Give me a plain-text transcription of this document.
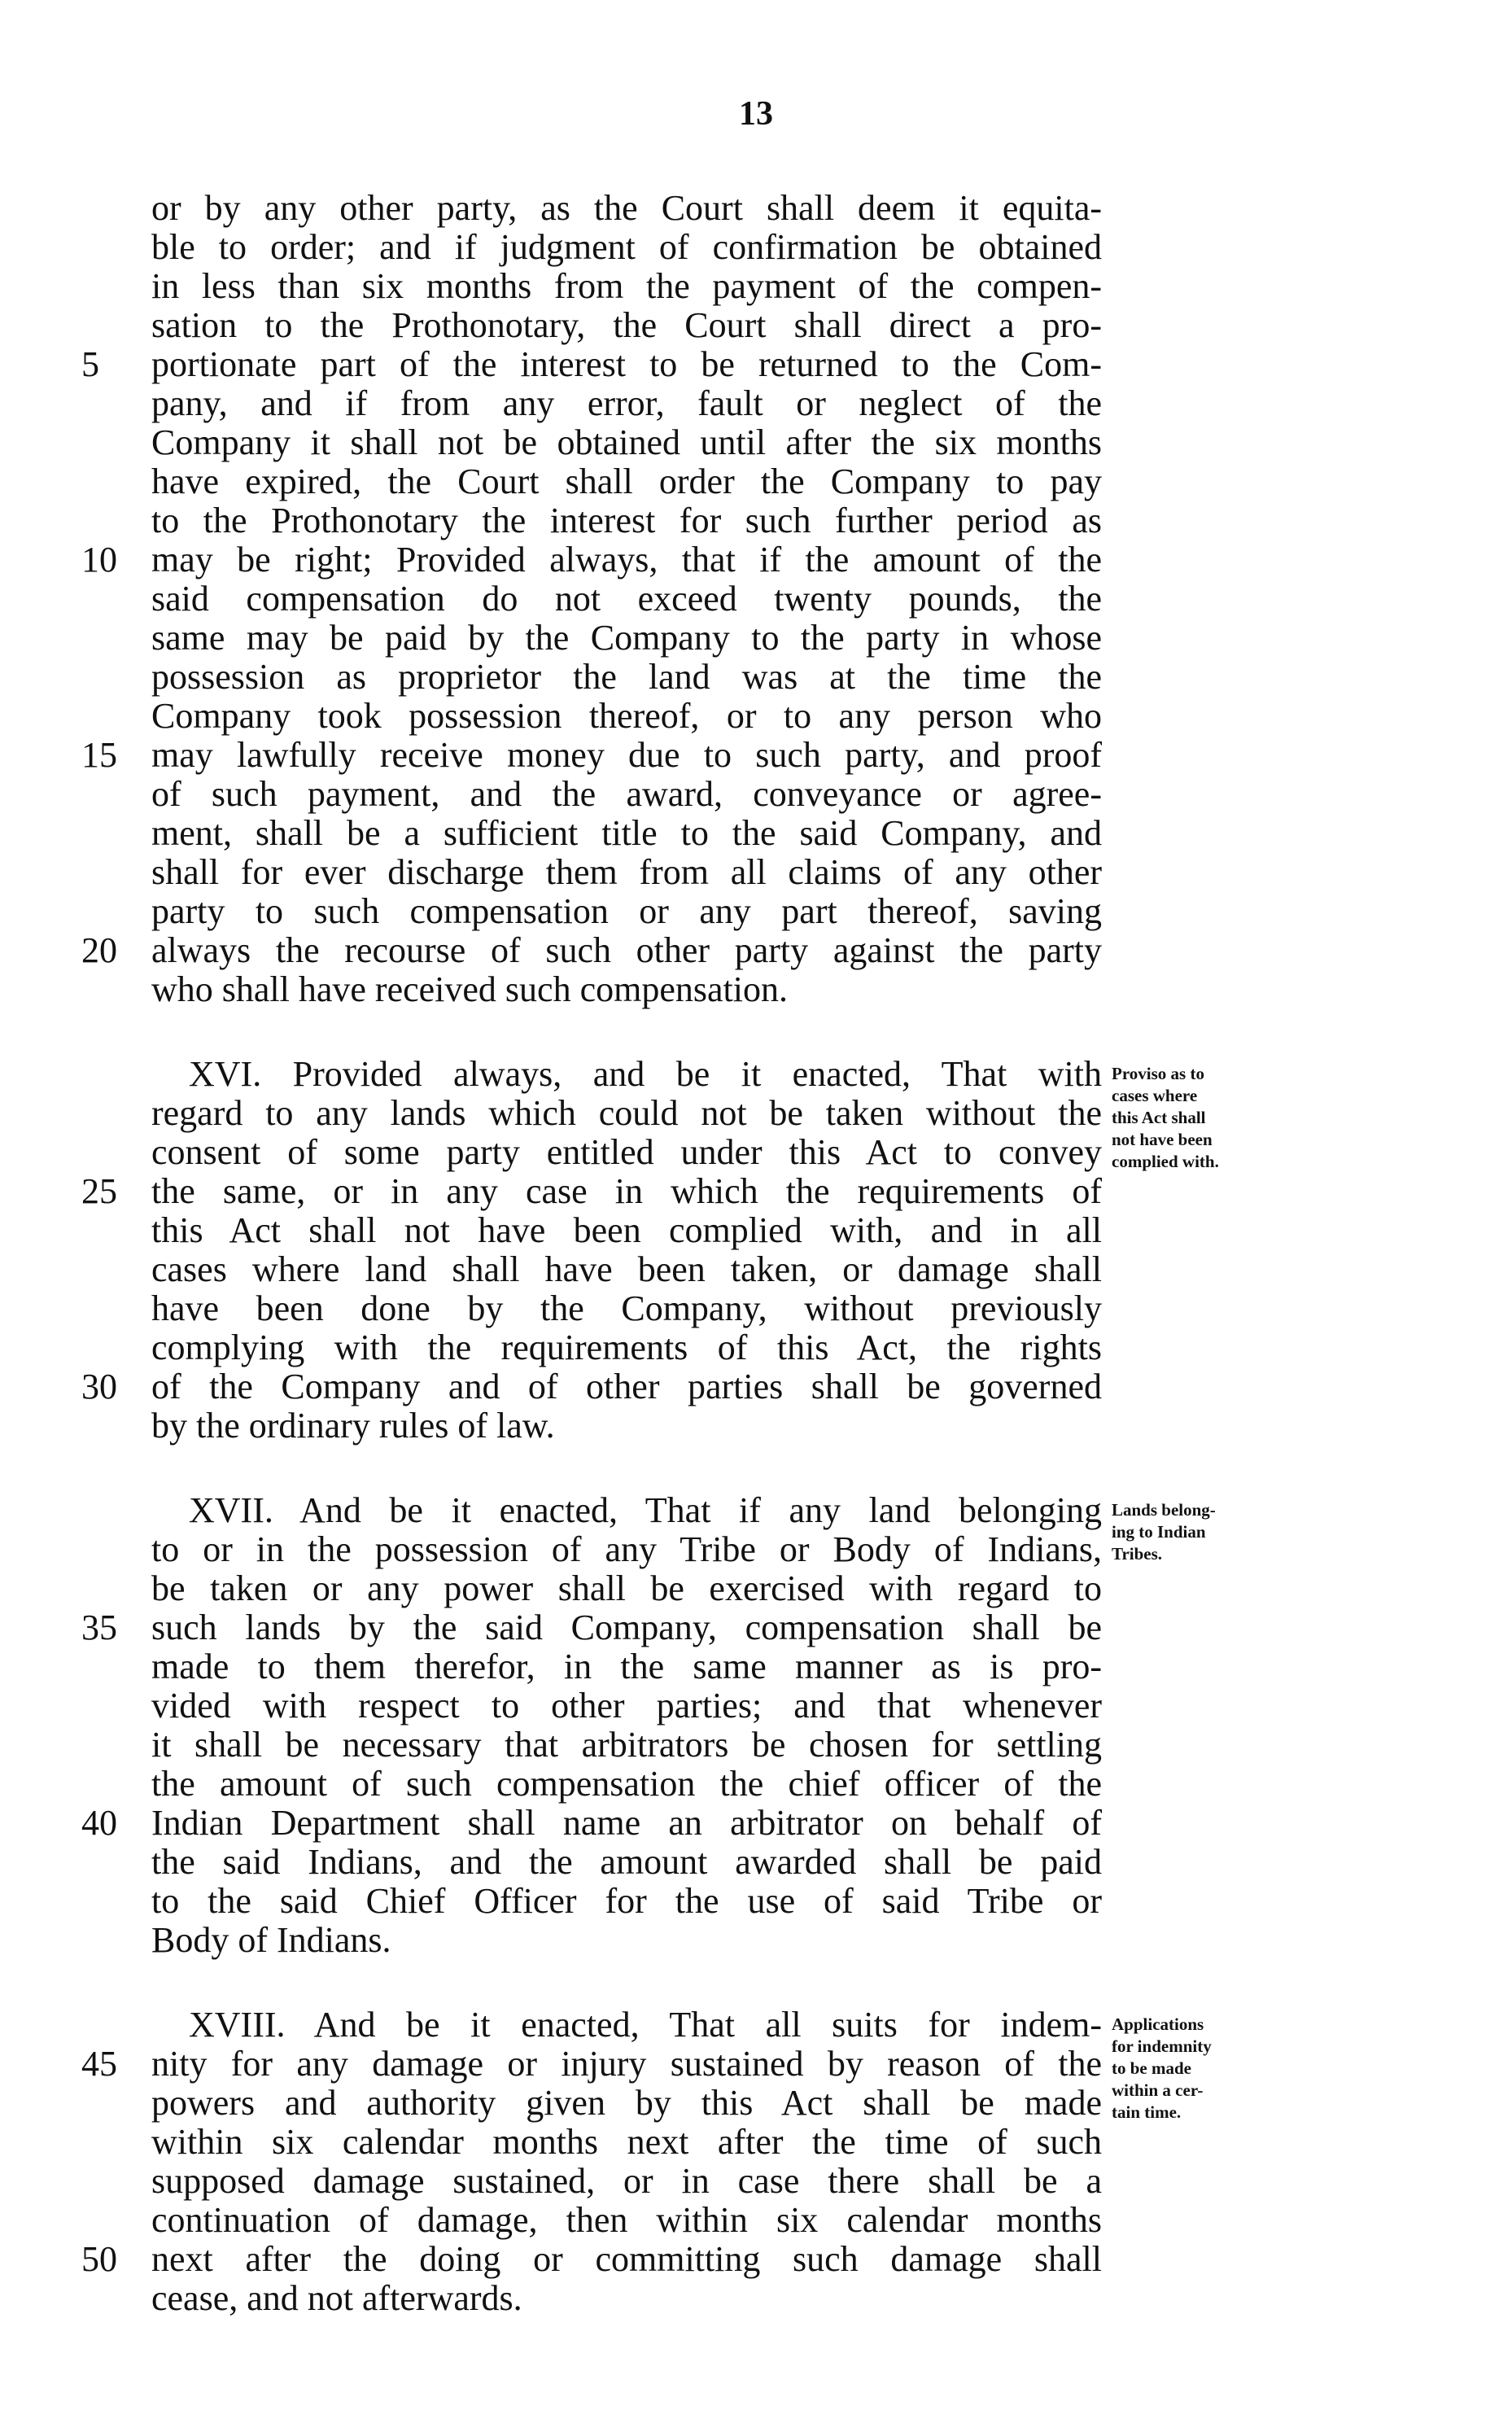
13
or by any other party, as the Court shall deem it equita-
ble to order; and if judgment of confirmation be obtained
in less than six months from the payment of the compen-
sation to the Prothonotary, the Court shall direct a pro-
portionate part of the interest to be returned to the Com-
pany, and if from any error, fault or neglect of the
Company it shall not be obtained until after the six months
have expired, the Court shall order the Company to pay
to the Prothonotary the interest for such further period as
may be right; Provided always, that if the amount of the
said compensation do not exceed twenty pounds, the
same may be paid by the Company to the party in whose
possession as proprietor the land was at the time the
Company took possession thereof, or to any person who
may lawfully receive money due to such party, and proof
of such payment, and the award, conveyance or agree-
ment, shall be a sufficient title to the said Company, and
shall for ever discharge them from all claims of any other
party to such compensation or any part thereof, saving
always the recourse of such other party against the party
who shall have received such compensation.
XVI. Provided always, and be it enacted, That with
regard to any lands which could not be taken without the
consent of some party entitled under this Act to convey
the same, or in any case in which the requirements of
this Act shall not have been complied with, and in all
cases where land shall have been taken, or damage shall
have been done by the Company, without previously
complying with the requirements of this Act, the rights
of the Company and of other parties shall be governed
by the ordinary rules of law.
XVII. And be it enacted, That if any land belonging
to or in the possession of any Tribe or Body of Indians,
be taken or any power shall be exercised with regard to
such lands by the said Company, compensation shall be
made to them therefor, in the same manner as is pro-
vided with respect to other parties; and that whenever
it shall be necessary that arbitrators be chosen for settling
the amount of such compensation the chief officer of the
Indian Department shall name an arbitrator on behalf of
the said Indians, and the amount awarded shall be paid
to the said Chief Officer for the use of said Tribe or
Body of Indians.
XVIII. And be it enacted, That all suits for indem-
nity for any damage or injury sustained by reason of the
powers and authority given by this Act shall be made
within six calendar months next after the time of such
supposed damage sustained, or in case there shall be a
continuation of damage, then within six calendar months
next after the doing or committing such damage shall
cease, and not afterwards.
5
10
15
20
25
30
35
40
45
50
Proviso as to
cases where
this Act shall
not have been
complied with.
Lands belong-
ing to Indian
Tribes.
Applications
for indemnity
to be made
within a cer-
tain time.
